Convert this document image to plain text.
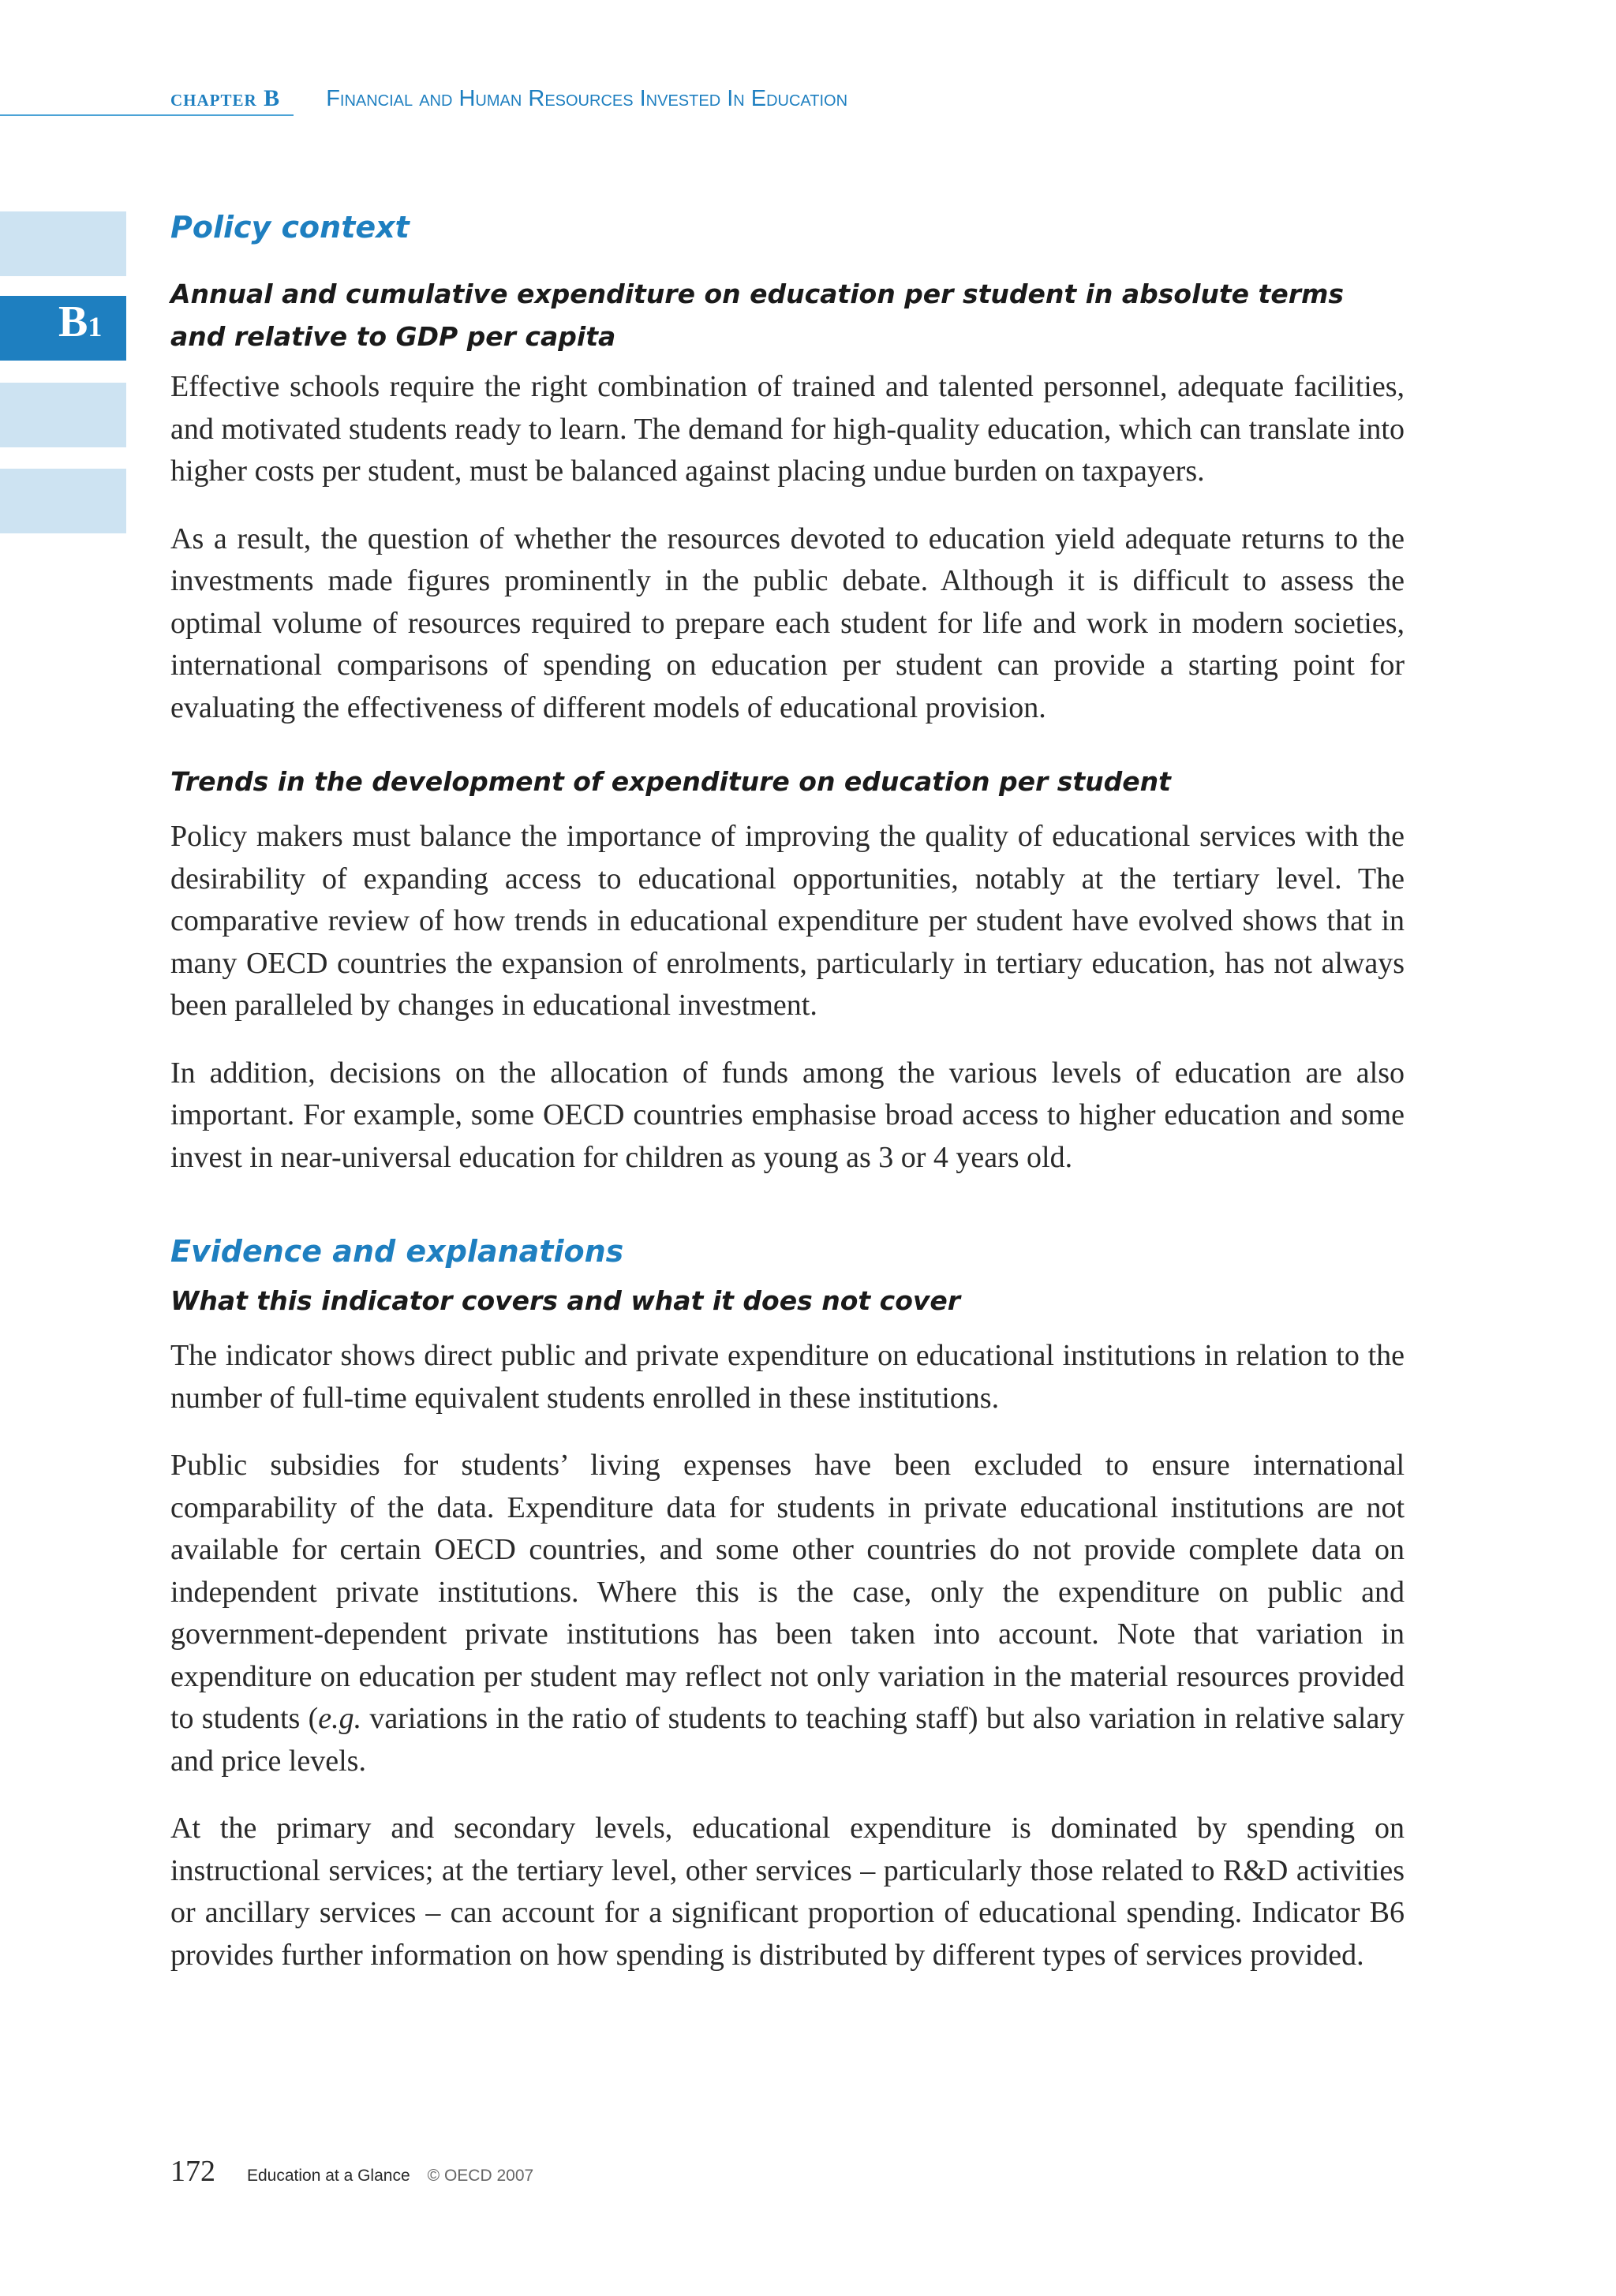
chapter B Financial and Human Resources Invested In Education
B1
Policy context
Annual and cumulative expenditure on education per student in absolute terms and relative to GDP per capita

Effective schools require the right combination of trained and talented personnel, adequate facilities, and motivated students ready to learn. The demand for high-quality education, which can translate into higher costs per student, must be balanced against placing undue burden on taxpayers.

As a result, the question of whether the resources devoted to education yield adequate returns to the investments made figures prominently in the public debate. Although it is difficult to assess the optimal volume of resources required to prepare each student for life and work in modern societies, international comparisons of spending on education per student can provide a starting point for evaluating the effectiveness of different models of educational provision.

Trends in the development of expenditure on education per student

Policy makers must balance the importance of improving the quality of educational services with the desirability of expanding access to educational opportunities, notably at the tertiary level. The comparative review of how trends in educational expenditure per student have evolved shows that in many OECD countries the expansion of enrolments, particularly in tertiary education, has not always been paralleled by changes in educational investment.

In addition, decisions on the allocation of funds among the various levels of education are also important. For example, some OECD countries emphasise broad access to higher education and some invest in near-universal education for children as young as 3 or 4 years old.

Evidence and explanations
What this indicator covers and what it does not cover

The indicator shows direct public and private expenditure on educational institutions in relation to the number of full-time equivalent students enrolled in these institutions.

Public subsidies for students’ living expenses have been excluded to ensure international comparability of the data. Expenditure data for students in private educational institutions are not available for certain OECD countries, and some other countries do not provide complete data on independent private institutions. Where this is the case, only the expenditure on public and government-dependent private institutions has been taken into account. Note that variation in expenditure on education per student may reflect not only variation in the material resources provided to students (e.g. variations in the ratio of students to teaching staff) but also variation in relative salary and price levels.

At the primary and secondary levels, educational expenditure is dominated by spending on instructional services; at the tertiary level, other services – particularly those related to R&D activities or ancillary services – can account for a significant proportion of educational spending. Indicator B6 provides further information on how spending is distributed by different types of services provided.

172 Education at a Glance © OECD 2007
